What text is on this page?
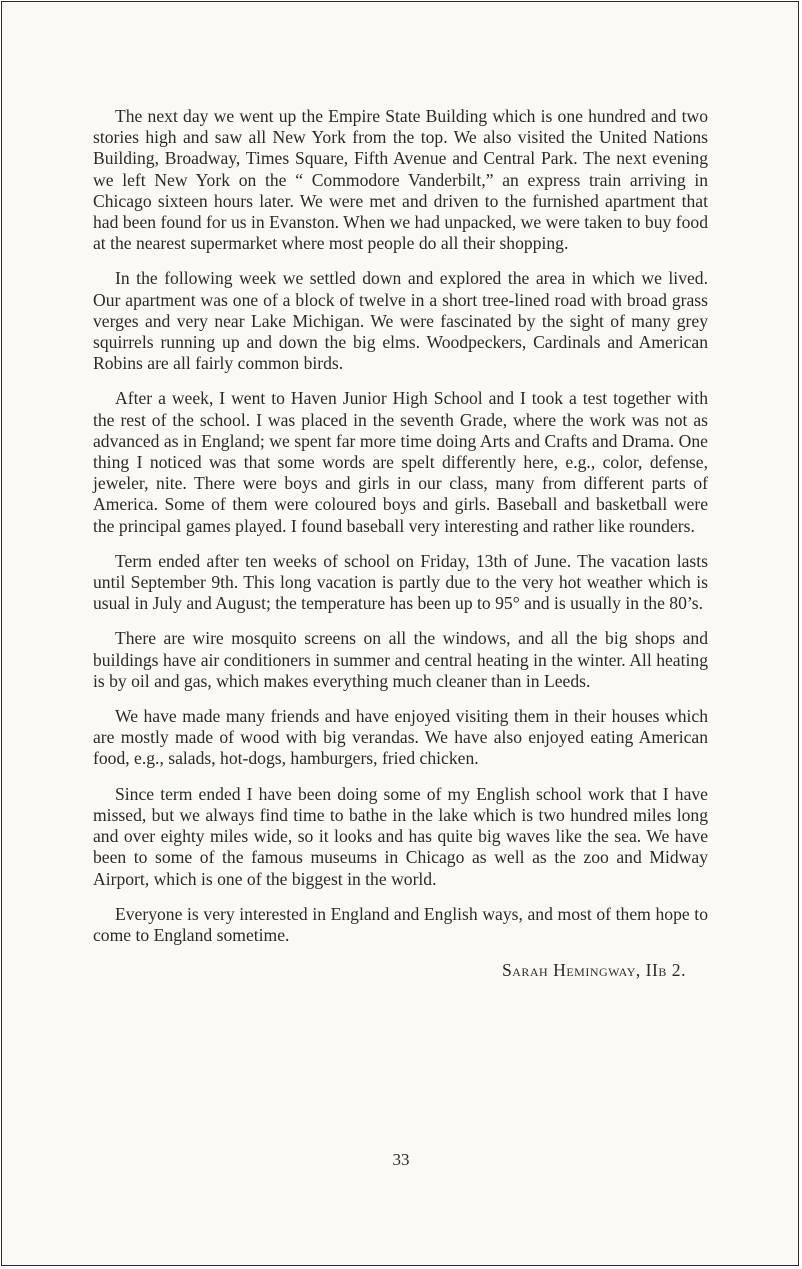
The next day we went up the Empire State Building which is one hundred and two stories high and saw all New York from the top. We also visited the United Nations Building, Broadway, Times Square, Fifth Avenue and Central Park. The next evening we left New York on the “ Commodore Vanderbilt,” an express train arriving in Chicago sixteen hours later. We were met and driven to the furnished apartment that had been found for us in Evanston. When we had unpacked, we were taken to buy food at the nearest supermarket where most people do all their shopping.

In the following week we settled down and explored the area in which we lived. Our apartment was one of a block of twelve in a short tree-lined road with broad grass verges and very near Lake Michigan. We were fascinated by the sight of many grey squirrels running up and down the big elms. Woodpeckers, Cardinals and American Robins are all fairly common birds.

After a week, I went to Haven Junior High School and I took a test together with the rest of the school. I was placed in the seventh Grade, where the work was not as advanced as in England; we spent far more time doing Arts and Crafts and Drama. One thing I noticed was that some words are spelt differently here, e.g., color, defense, jeweler, nite. There were boys and girls in our class, many from different parts of America. Some of them were coloured boys and girls. Baseball and basketball were the principal games played. I found baseball very interesting and rather like rounders.

Term ended after ten weeks of school on Friday, 13th of June. The vacation lasts until September 9th. This long vacation is partly due to the very hot weather which is usual in July and August; the temperature has been up to 95° and is usually in the 80’s.

There are wire mosquito screens on all the windows, and all the big shops and buildings have air conditioners in summer and central heating in the winter. All heating is by oil and gas, which makes everything much cleaner than in Leeds.

We have made many friends and have enjoyed visiting them in their houses which are mostly made of wood with big verandas. We have also enjoyed eating American food, e.g., salads, hot-dogs, hamburgers, fried chicken.

Since term ended I have been doing some of my English school work that I have missed, but we always find time to bathe in the lake which is two hundred miles long and over eighty miles wide, so it looks and has quite big waves like the sea. We have been to some of the famous museums in Chicago as well as the zoo and Midway Airport, which is one of the biggest in the world.

Everyone is very interested in England and English ways, and most of them hope to come to England sometime.

Sarah Hemingway, IIb 2.

33
